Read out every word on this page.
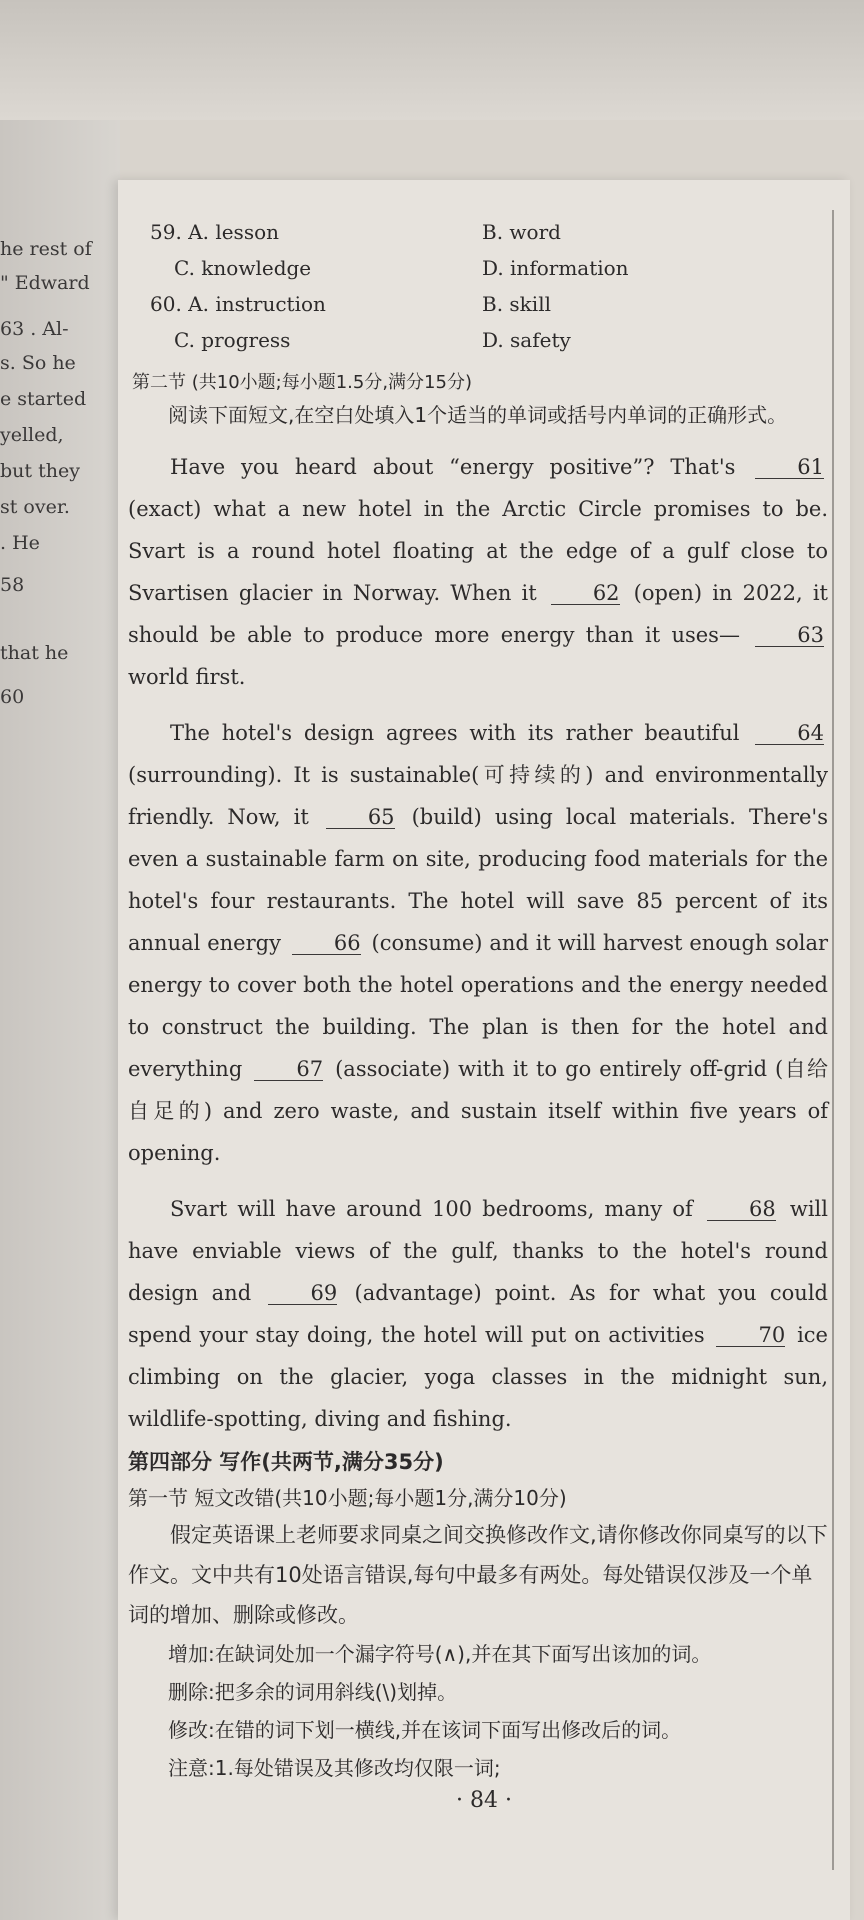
he rest of
" Edward
63 . Al-
s. So he
e started
yelled,
but they
st over.
. He
58
that he
60
59. A. lesson	B. word
C. knowledge	D. information
60. A. instruction	B. skill
C. progress	D. safety
第二节 (共10小题;每小题1.5分,满分15分)

阅读下面短文,在空白处填入1个适当的单词或括号内单词的正确形式。

Have you heard about “energy positive”? That's	61 (exact) what a new hotel in the Arctic Circle promises to be. Svart is a round hotel floating at the edge of a gulf close to Svartisen glacier in Norway. When it	62 (open) in 2022, it should be able to produce more energy than it uses—	63 world first.

The hotel's design agrees with its rather beautiful	64 (surrounding). It is sustainable(可持续的) and environmentally friendly. Now, it	65 (build) using local materials. There's even a sustainable farm on site, producing food materials for the hotel's four restaurants. The hotel will save 85 percent of its annual energy	66 (consume) and it will harvest enough solar energy to cover both the hotel operations and the energy needed to construct the building. The plan is then for the hotel and everything	67 (associate) with it to go entirely off-grid (自给自足的) and zero waste, and sustain itself within five years of opening.

Svart will have around 100 bedrooms, many of	68 will have enviable views of the gulf, thanks to the hotel's round design and	69 (advantage) point. As for what you could spend your stay doing, the hotel will put on activities	70 ice climbing on the glacier, yoga classes in the midnight sun, wildlife-spotting, diving and fishing.

第四部分 写作(共两节,满分35分)
第一节 短文改错(共10小题;每小题1分,满分10分)
假定英语课上老师要求同桌之间交换修改作文,请你修改你同桌写的以下作文。文中共有10处语言错误,每句中最多有两处。每处错误仅涉及一个单词的增加、删除或修改。
增加:在缺词处加一个漏字符号(∧),并在其下面写出该加的词。
删除:把多余的词用斜线(\)划掉。
修改:在错的词下划一横线,并在该词下面写出修改后的词。
注意:1.每处错误及其修改均仅限一词;
· 84 ·
